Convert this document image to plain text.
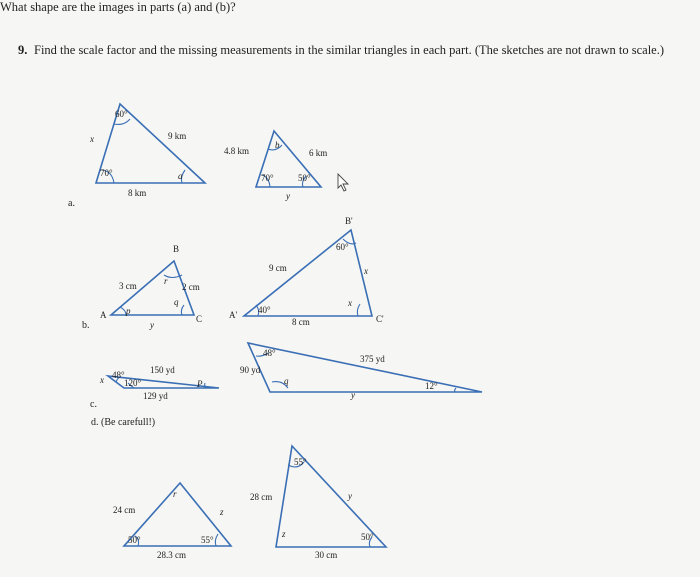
What shape are the images in parts (a) and (b)?
9. Find the scale factor and the missing measurements in the similar triangles in each part. (The sketches are not drawn to scale.)
a.
60°
x	9 km
70°	a
8 km
b
4.8 km	6 km
70°	50°
y
b.
B
A	C
3 cm	2 cm
r
p
q
y
B'
A'	C'
60°
40°
x
9 cm	x
8 cm
48°
120°
x
150 yd
129 yd
P
c.
48°
90 yd
375 yd
q	12°
y
d. (Be carefull!)
r
24 cm	z
50°	55°
28.3 cm
55°
28 cm	y
z	50°
30 cm
